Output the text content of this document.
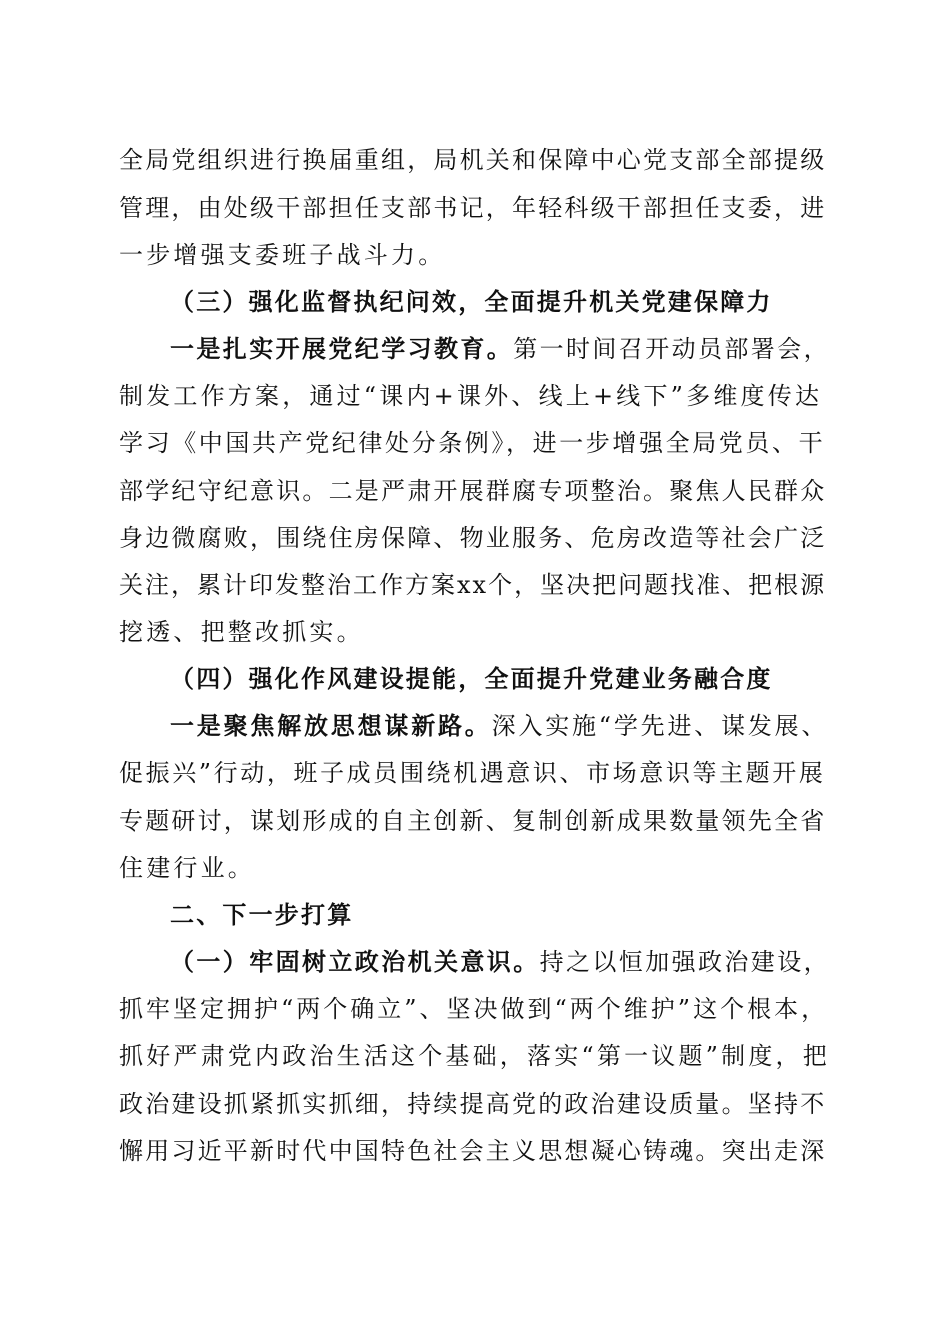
全局党组织进行换届重组，局机关和保障中心党支部全部提级
管理，由处级干部担任支部书记，年轻科级干部担任支委，进
一步增强支委班子战斗力。
（三）强化监督执纪问效，全面提升机关党建保障力
一是扎实开展党纪学习教育。第一时间召开动员部署会，
制发工作方案，通过“课内+课外、线上+线下”多维度传达
学习《中国共产党纪律处分条例》，进一步增强全局党员、干
部学纪守纪意识。二是严肃开展群腐专项整治。聚焦人民群众
身边微腐败，围绕住房保障、物业服务、危房改造等社会广泛
关注，累计印发整治工作方案xx个，坚决把问题找准、把根源
挖透、把整改抓实。
（四）强化作风建设提能，全面提升党建业务融合度
一是聚焦解放思想谋新路。深入实施“学先进、谋发展、
促振兴”行动，班子成员围绕机遇意识、市场意识等主题开展
专题研讨，谋划形成的自主创新、复制创新成果数量领先全省
住建行业。
二、下一步打算
（一）牢固树立政治机关意识。持之以恒加强政治建设，
抓牢坚定拥护“两个确立”、坚决做到“两个维护”这个根本，
抓好严肃党内政治生活这个基础，落实“第一议题”制度，把
政治建设抓紧抓实抓细，持续提高党的政治建设质量。坚持不
懈用习近平新时代中国特色社会主义思想凝心铸魂。突出走深
